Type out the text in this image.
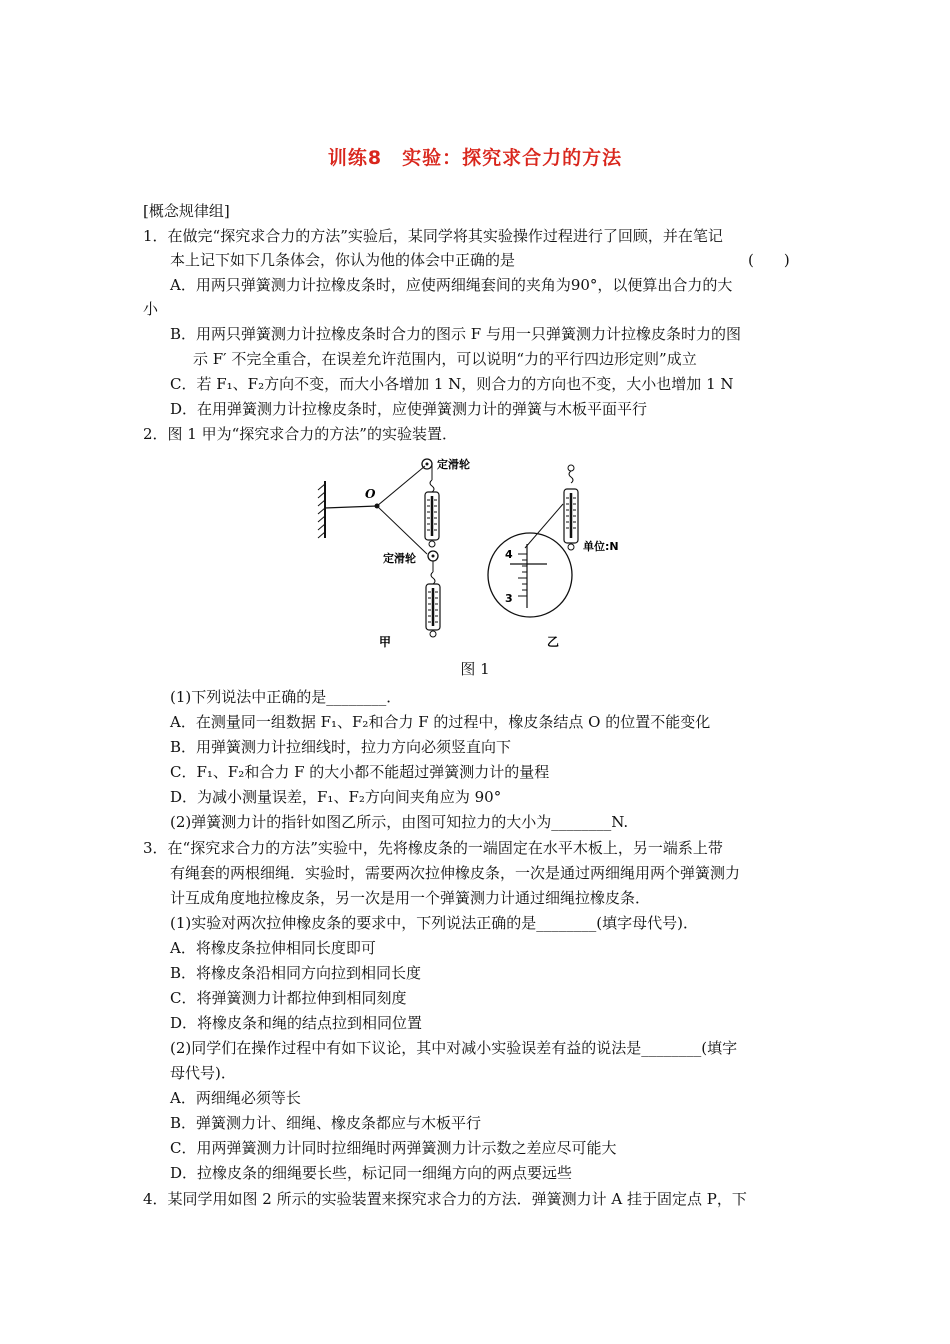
训练8　实验：探究求合力的方法
[概念规律组]
1．在做完“探究求合力的方法”实验后，某同学将其实验操作过程进行了回顾，并在笔记
本上记下如下几条体会，你认为他的体会中正确的是	(　　)
A．用两只弹簧测力计拉橡皮条时，应使两细绳套间的夹角为90°，以便算出合力的大
小
B．用两只弹簧测力计拉橡皮条时合力的图示 F 与用一只弹簧测力计拉橡皮条时力的图
示 F′ 不完全重合，在误差允许范围内，可以说明“力的平行四边形定则”成立
C．若 F₁、F₂方向不变，而大小各增加 1 N，则合力的方向也不变，大小也增加 1 N
D．在用弹簧测力计拉橡皮条时，应使弹簧测力计的弹簧与木板平面平行
2．图 1 甲为“探究求合力的方法”的实验装置．
O
定滑轮
定滑轮
甲
单位:N
4
3
乙
图 1
(1)下列说法中正确的是________．
A．在测量同一组数据 F₁、F₂和合力 F 的过程中，橡皮条结点 O 的位置不能变化
B．用弹簧测力计拉细线时，拉力方向必须竖直向下
C．F₁、F₂和合力 F 的大小都不能超过弹簧测力计的量程
D．为减小测量误差，F₁、F₂方向间夹角应为 90°
(2)弹簧测力计的指针如图乙所示，由图可知拉力的大小为________N.
3．在“探究求合力的方法”实验中，先将橡皮条的一端固定在水平木板上，另一端系上带
有绳套的两根细绳．实验时，需要两次拉伸橡皮条，一次是通过两细绳用两个弹簧测力
计互成角度地拉橡皮条，另一次是用一个弹簧测力计通过细绳拉橡皮条．
(1)实验对两次拉伸橡皮条的要求中，下列说法正确的是________(填字母代号)．
A．将橡皮条拉伸相同长度即可
B．将橡皮条沿相同方向拉到相同长度
C．将弹簧测力计都拉伸到相同刻度
D．将橡皮条和绳的结点拉到相同位置
(2)同学们在操作过程中有如下议论，其中对减小实验误差有益的说法是________(填字
母代号)．
A．两细绳必须等长
B．弹簧测力计、细绳、橡皮条都应与木板平行
C．用两弹簧测力计同时拉细绳时两弹簧测力计示数之差应尽可能大
D．拉橡皮条的细绳要长些，标记同一细绳方向的两点要远些
4．某同学用如图 2 所示的实验装置来探究求合力的方法．弹簧测力计 A 挂于固定点 P，下
